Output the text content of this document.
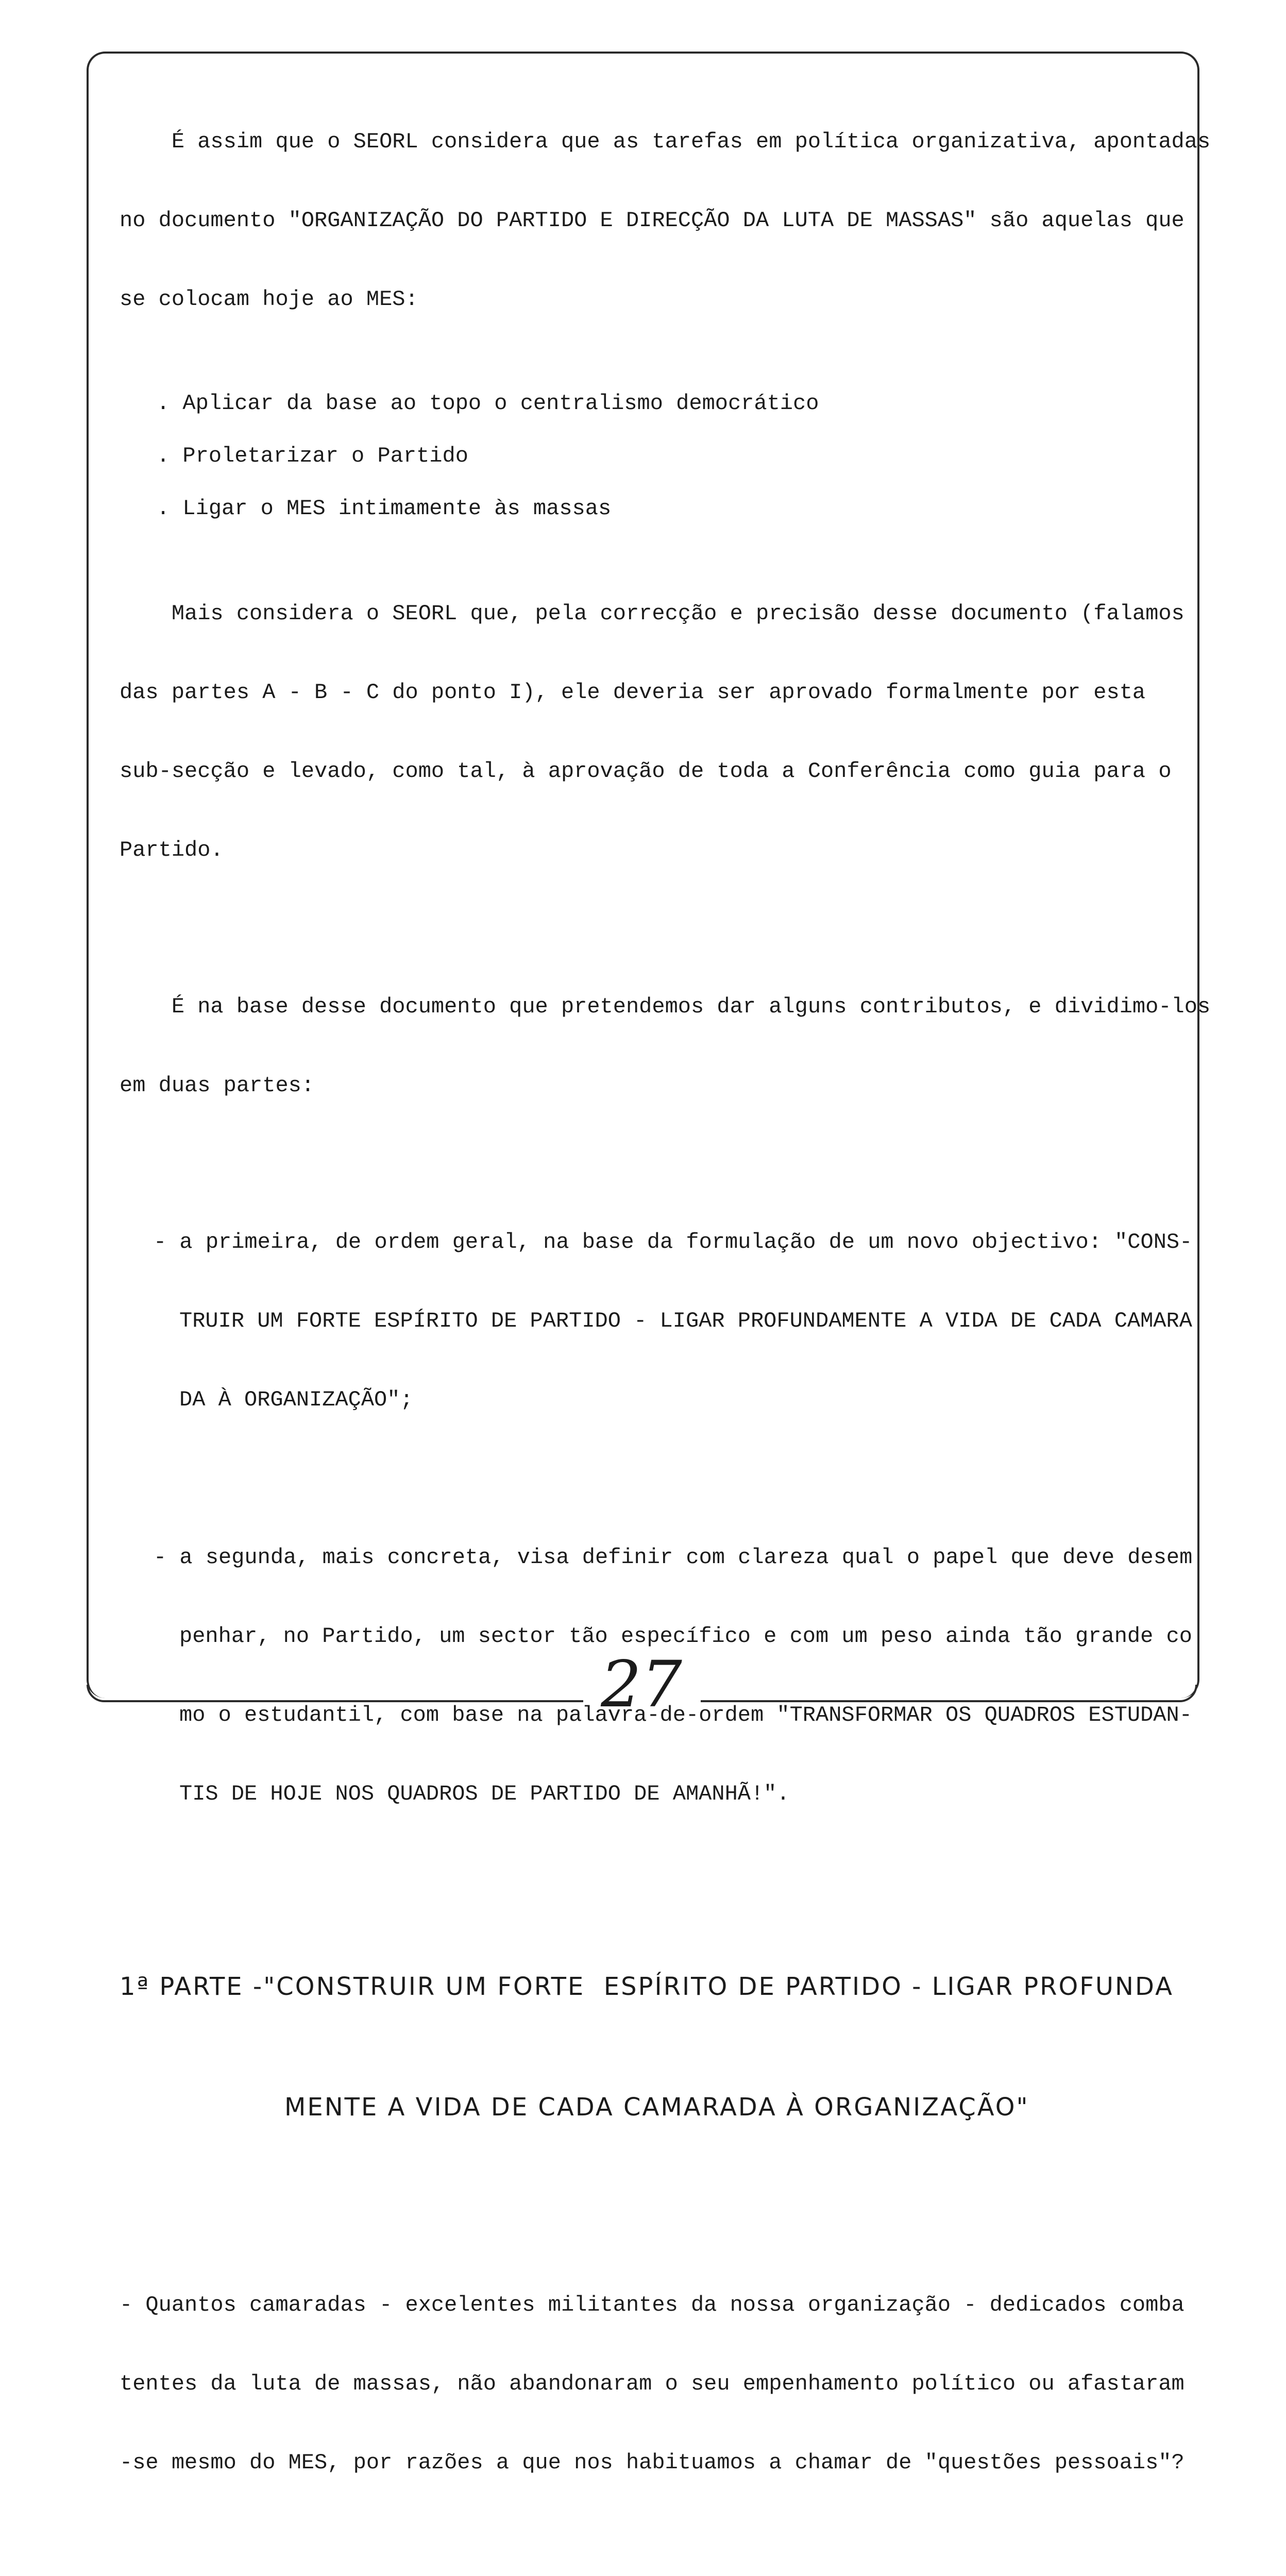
É assim que o SEORL considera que as tarefas em política organizativa, apontadas

no documento "ORGANIZAÇÃO DO PARTIDO E DIRECÇÃO DA LUTA DE MASSAS" são aquelas que

se colocam hoje ao MES:

. Aplicar da base ao topo o centralismo democrático
. Proletarizar o Partido
. Ligar o MES intimamente às massas

Mais considera o SEORL que, pela correcção e precisão desse documento (falamos

das partes A - B - C do ponto I), ele deveria ser aprovado formalmente por esta

sub-secção e levado, como tal, à aprovação de toda a Conferência como guia para o

Partido.

É na base desse documento que pretendemos dar alguns contributos, e dividimo-los

em duas partes:

- a primeira, de ordem geral, na base da formulação de um novo objectivo: "CONS-

TRUIR UM FORTE ESPÍRITO DE PARTIDO - LIGAR PROFUNDAMENTE A VIDA DE CADA CAMARA

DA À ORGANIZAÇÃO";

- a segunda, mais concreta, visa definir com clareza qual o papel que deve desem

penhar, no Partido, um sector tão específico e com um peso ainda tão grande co

mo o estudantil, com base na palavra-de-ordem "TRANSFORMAR OS QUADROS ESTUDAN-

TIS DE HOJE NOS QUADROS DE PARTIDO DE AMANHÃ!".

1ª PARTE -"CONSTRUIR UM FORTE  ESPÍRITO DE PARTIDO - LIGAR PROFUNDA

MENTE A VIDA DE CADA CAMARADA À ORGANIZAÇÃO"

- Quantos camaradas - excelentes militantes da nossa organização - dedicados comba

tentes da luta de massas, não abandonaram o seu empenhamento político ou afastaram

-se mesmo do MES, por razões a que nos habituamos a chamar de "questões pessoais"?

27
